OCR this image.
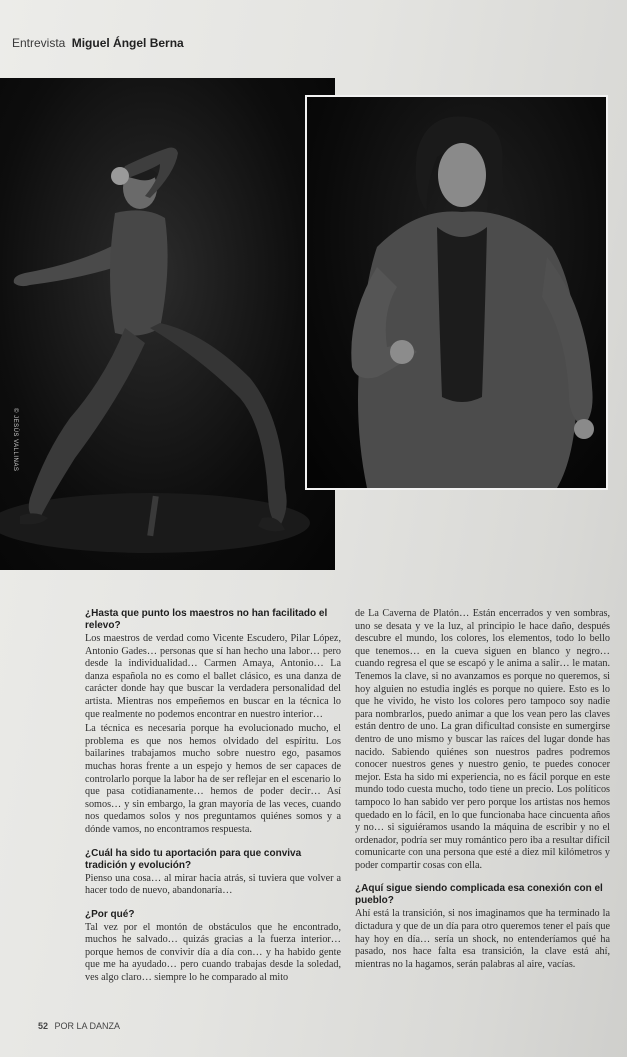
Entrevista Miguel Ángel Berna
© JESÚS VALLINAS

¿Hasta que punto los maestros no han facilitado el relevo?

Los maestros de verdad como Vicente Escudero, Pilar López, Antonio Gades… personas que sí han hecho una labor… pero desde la individualidad… Carmen Amaya, Antonio… La danza española no es como el ballet clásico, es una danza de carácter donde hay que buscar la verdadera personalidad del artista. Mientras nos empeñemos en buscar en la técnica lo que realmente no podemos encontrar en nuestro interior…

La técnica es necesaria porque ha evolucionado mucho, el problema es que nos hemos olvidado del espíritu. Los bailarines trabajamos mucho sobre nuestro ego, pasamos muchas horas frente a un espejo y hemos de ser capaces de controlarlo porque la labor ha de ser reflejar en el escenario lo que pasa cotidianamente… hemos de poder decir… Así somos… y sin embargo, la gran mayoría de las veces, cuando nos quedamos solos y nos preguntamos quiénes somos y a dónde vamos, no encontramos respuesta.

¿Cuál ha sido tu aportación para que conviva tradición y evolución?

Pienso una cosa… al mirar hacia atrás, si tuviera que volver a hacer todo de nuevo, abandonaría…

¿Por qué?

Tal vez por el montón de obstáculos que he encontrado, muchos he salvado… quizás gracias a la fuerza interior… porque hemos de convivir día a día con… y ha habido gente que me ha ayudado… pero cuando trabajas desde la soledad, ves algo claro… siempre lo he comparado al mito

de La Caverna de Platón… Están encerrados y ven sombras, uno se desata y ve la luz, al principio le hace daño, después descubre el mundo, los colores, los elementos, todo lo bello que tenemos… en la cueva siguen en blanco y negro… cuando regresa el que se escapó y le anima a salir… le matan. Tenemos la clave, si no avanzamos es porque no queremos, si hoy alguien no estudia inglés es porque no quiere. Esto es lo que he vivido, he visto los colores pero tampoco soy nadie para nombrarlos, puedo animar a que los vean pero las claves están dentro de uno. La gran dificultad consiste en sumergirse dentro de uno mismo y buscar las raíces del lugar donde has nacido. Sabiendo quiénes son nuestros padres podremos conocer nuestros genes y nuestro genio, te puedes conocer mejor. Esta ha sido mi experiencia, no es fácil porque en este mundo todo cuesta mucho, todo tiene un precio. Los políticos tampoco lo han sabido ver pero porque los artistas nos hemos quedado en lo fácil, en lo que funcionaba hace cincuenta años y no… si siguiéramos usando la máquina de escribir y no el ordenador, podría ser muy romántico pero iba a resultar difícil comunicarte con una persona que esté a diez mil kilómetros y poder compartir cosas con ella.

¿Aquí sigue siendo complicada esa conexión con el pueblo?

Ahí está la transición, si nos imaginamos que ha terminado la dictadura y que de un día para otro queremos tener el país que hay hoy en día… sería un shock, no entenderíamos qué ha pasado, nos hace falta esa transición, la clave está ahí, mientras no la hagamos, serán palabras al aire, vacías.

52 POR LA DANZA
